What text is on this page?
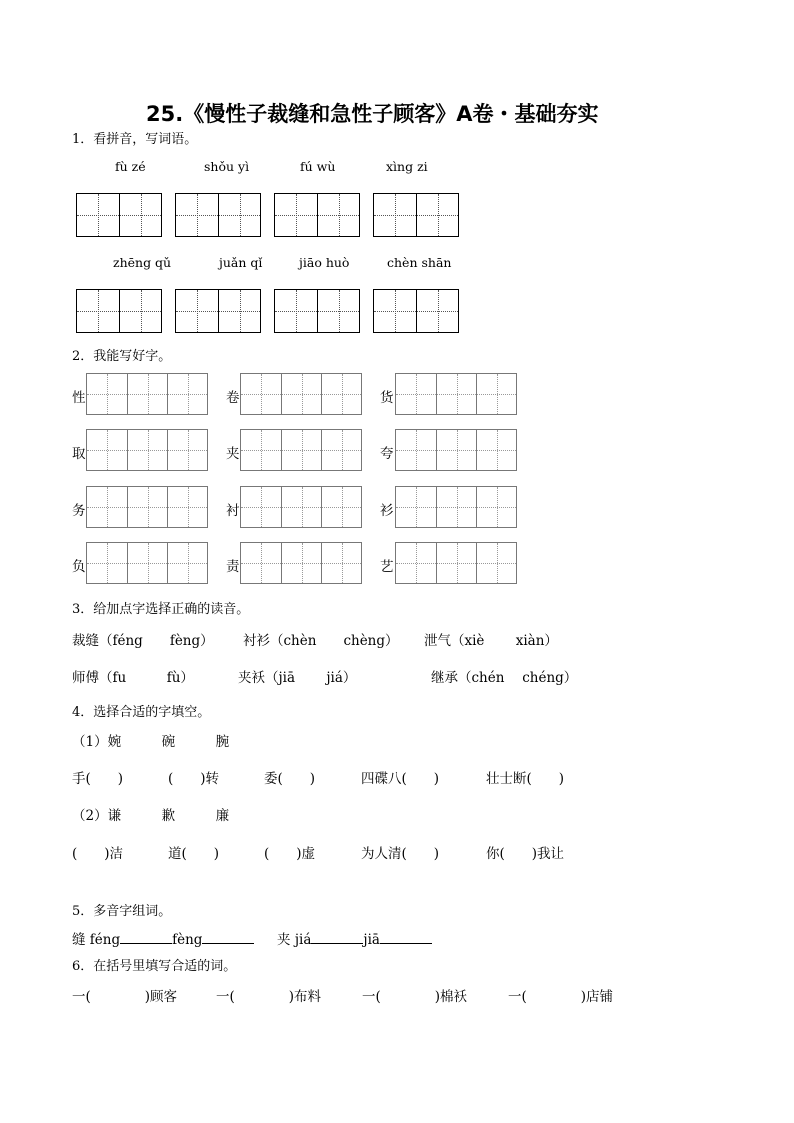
25.《慢性子裁缝和急性子顾客》A卷・基础夯实
1．看拼音，写词语。
fù zé	shǒu yì	fú wù	xìng zi
zhēng qǔ	juǎn qǐ	jiāo huò	chèn shān
2．我能写好字。
性	卷	货
取	夹	夸
务	衬	衫
负	责	艺
3．给加点字选择正确的读音。
裁缝（féng　　fèng） 衬衫（chèn　　chèng） 泄气（xiè　　 xiàn）
师傅（fu　　　fù）	夹袄（jiā　　 jiá）	继承（chén　 chéng）
4．选择合适的字填空。
（1）婉　　　碗　　　腕
手(　　)	(　　)转	委(　　)	四碟八(　　)	壮士断(　　)
（2）谦　　　歉　　　廉
(　　)洁	道(　　)	(　　)虚	为人清(　　)	你(　　)我让
5．多音字组词。
缝 féng	fèng	夹 jiá	jiā
6．在括号里填写合适的词。
一(　　　　)顾客	一(　　　　)布料	一(　　　　)棉袄	一(　　　　)店铺
